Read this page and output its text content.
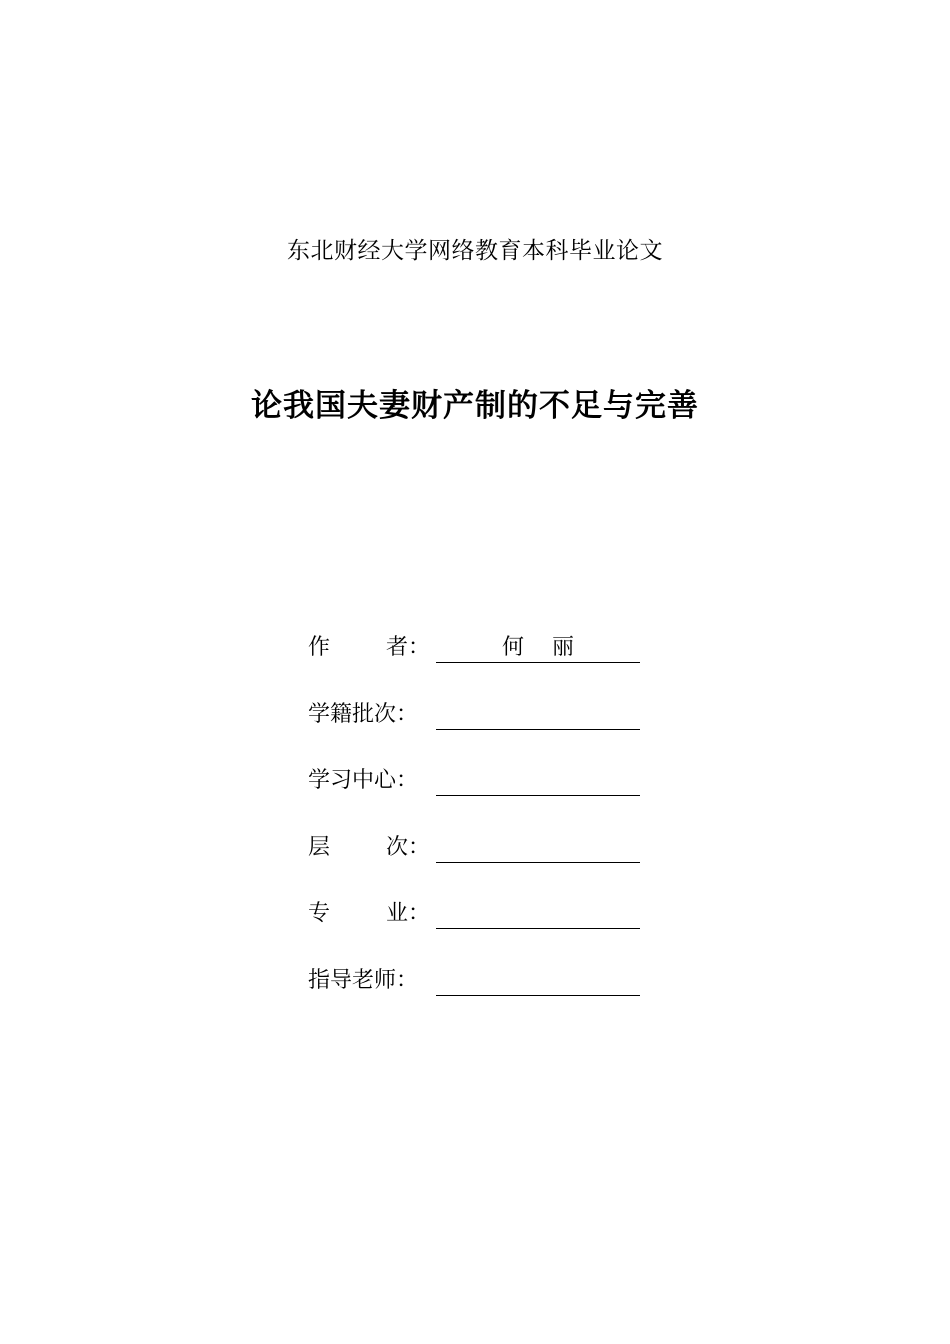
东北财经大学网络教育本科毕业论文
论我国夫妻财产制的不足与完善
作        者：	何    丽
学籍批次：
学习中心：
层        次：
专        业：
指导老师：
